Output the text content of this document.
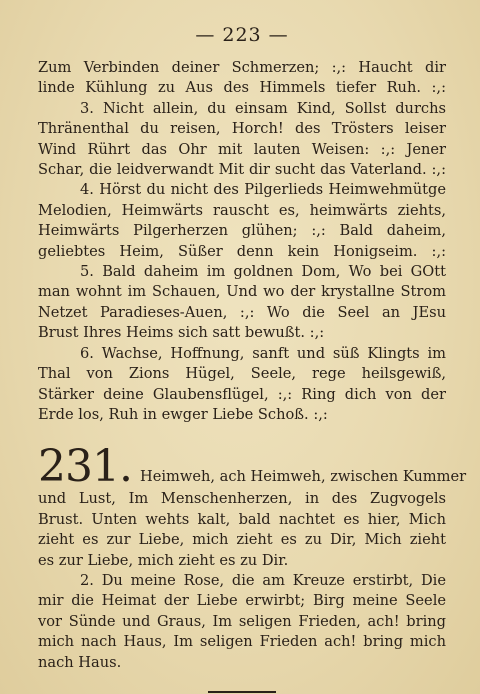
— 223 —
Zum Verbinden deiner Schmerzen; :,: Haucht dir
linde Kühlung zu Aus des Himmels tiefer Ruh. :,:
3. Nicht allein, du einsam Kind, Sollst durchs
Thränenthal du reisen, Horch! des Trösters leiser
Wind Rührt das Ohr mit lauten Weisen: :,: Jener
Schar, die leidverwandt Mit dir sucht das Vaterland. :,:
4. Hörst du nicht des Pilgerlieds Heimwehmütge
Melodien, Heimwärts rauscht es, heimwärts ziehts,
Heimwärts Pilgerherzen glühen; :,: Bald daheim,
geliebtes Heim, Süßer denn kein Honigseim. :,:
5. Bald daheim im goldnen Dom, Wo bei GOtt
man wohnt im Schauen, Und wo der krystallne Strom
Netzet Paradieses-Auen, :,: Wo die Seel an JEsu
Brust Ihres Heims sich satt bewußt. :,:
6. Wachse, Hoffnung, sanft und süß Klingts im
Thal von Zions Hügel, Seele, rege heilsgewiß,
Stärker deine Glaubensflügel, :,: Ring dich von der
Erde los, Ruh in ewger Liebe Schoß. :,:
231. Heimweh, ach Heimweh, zwischen Kummer
und Lust, Im Menschenherzen, in des Zugvogels
Brust. Unten wehts kalt, bald nachtet es hier, Mich
zieht es zur Liebe, mich zieht es zu Dir, Mich zieht
es zur Liebe, mich zieht es zu Dir.
2. Du meine Rose, die am Kreuze erstirbt, Die
mir die Heimat der Liebe erwirbt; Birg meine Seele
vor Sünde und Graus, Im seligen Frieden, ach! bring
mich nach Haus, Im seligen Frieden ach! bring mich
nach Haus.
